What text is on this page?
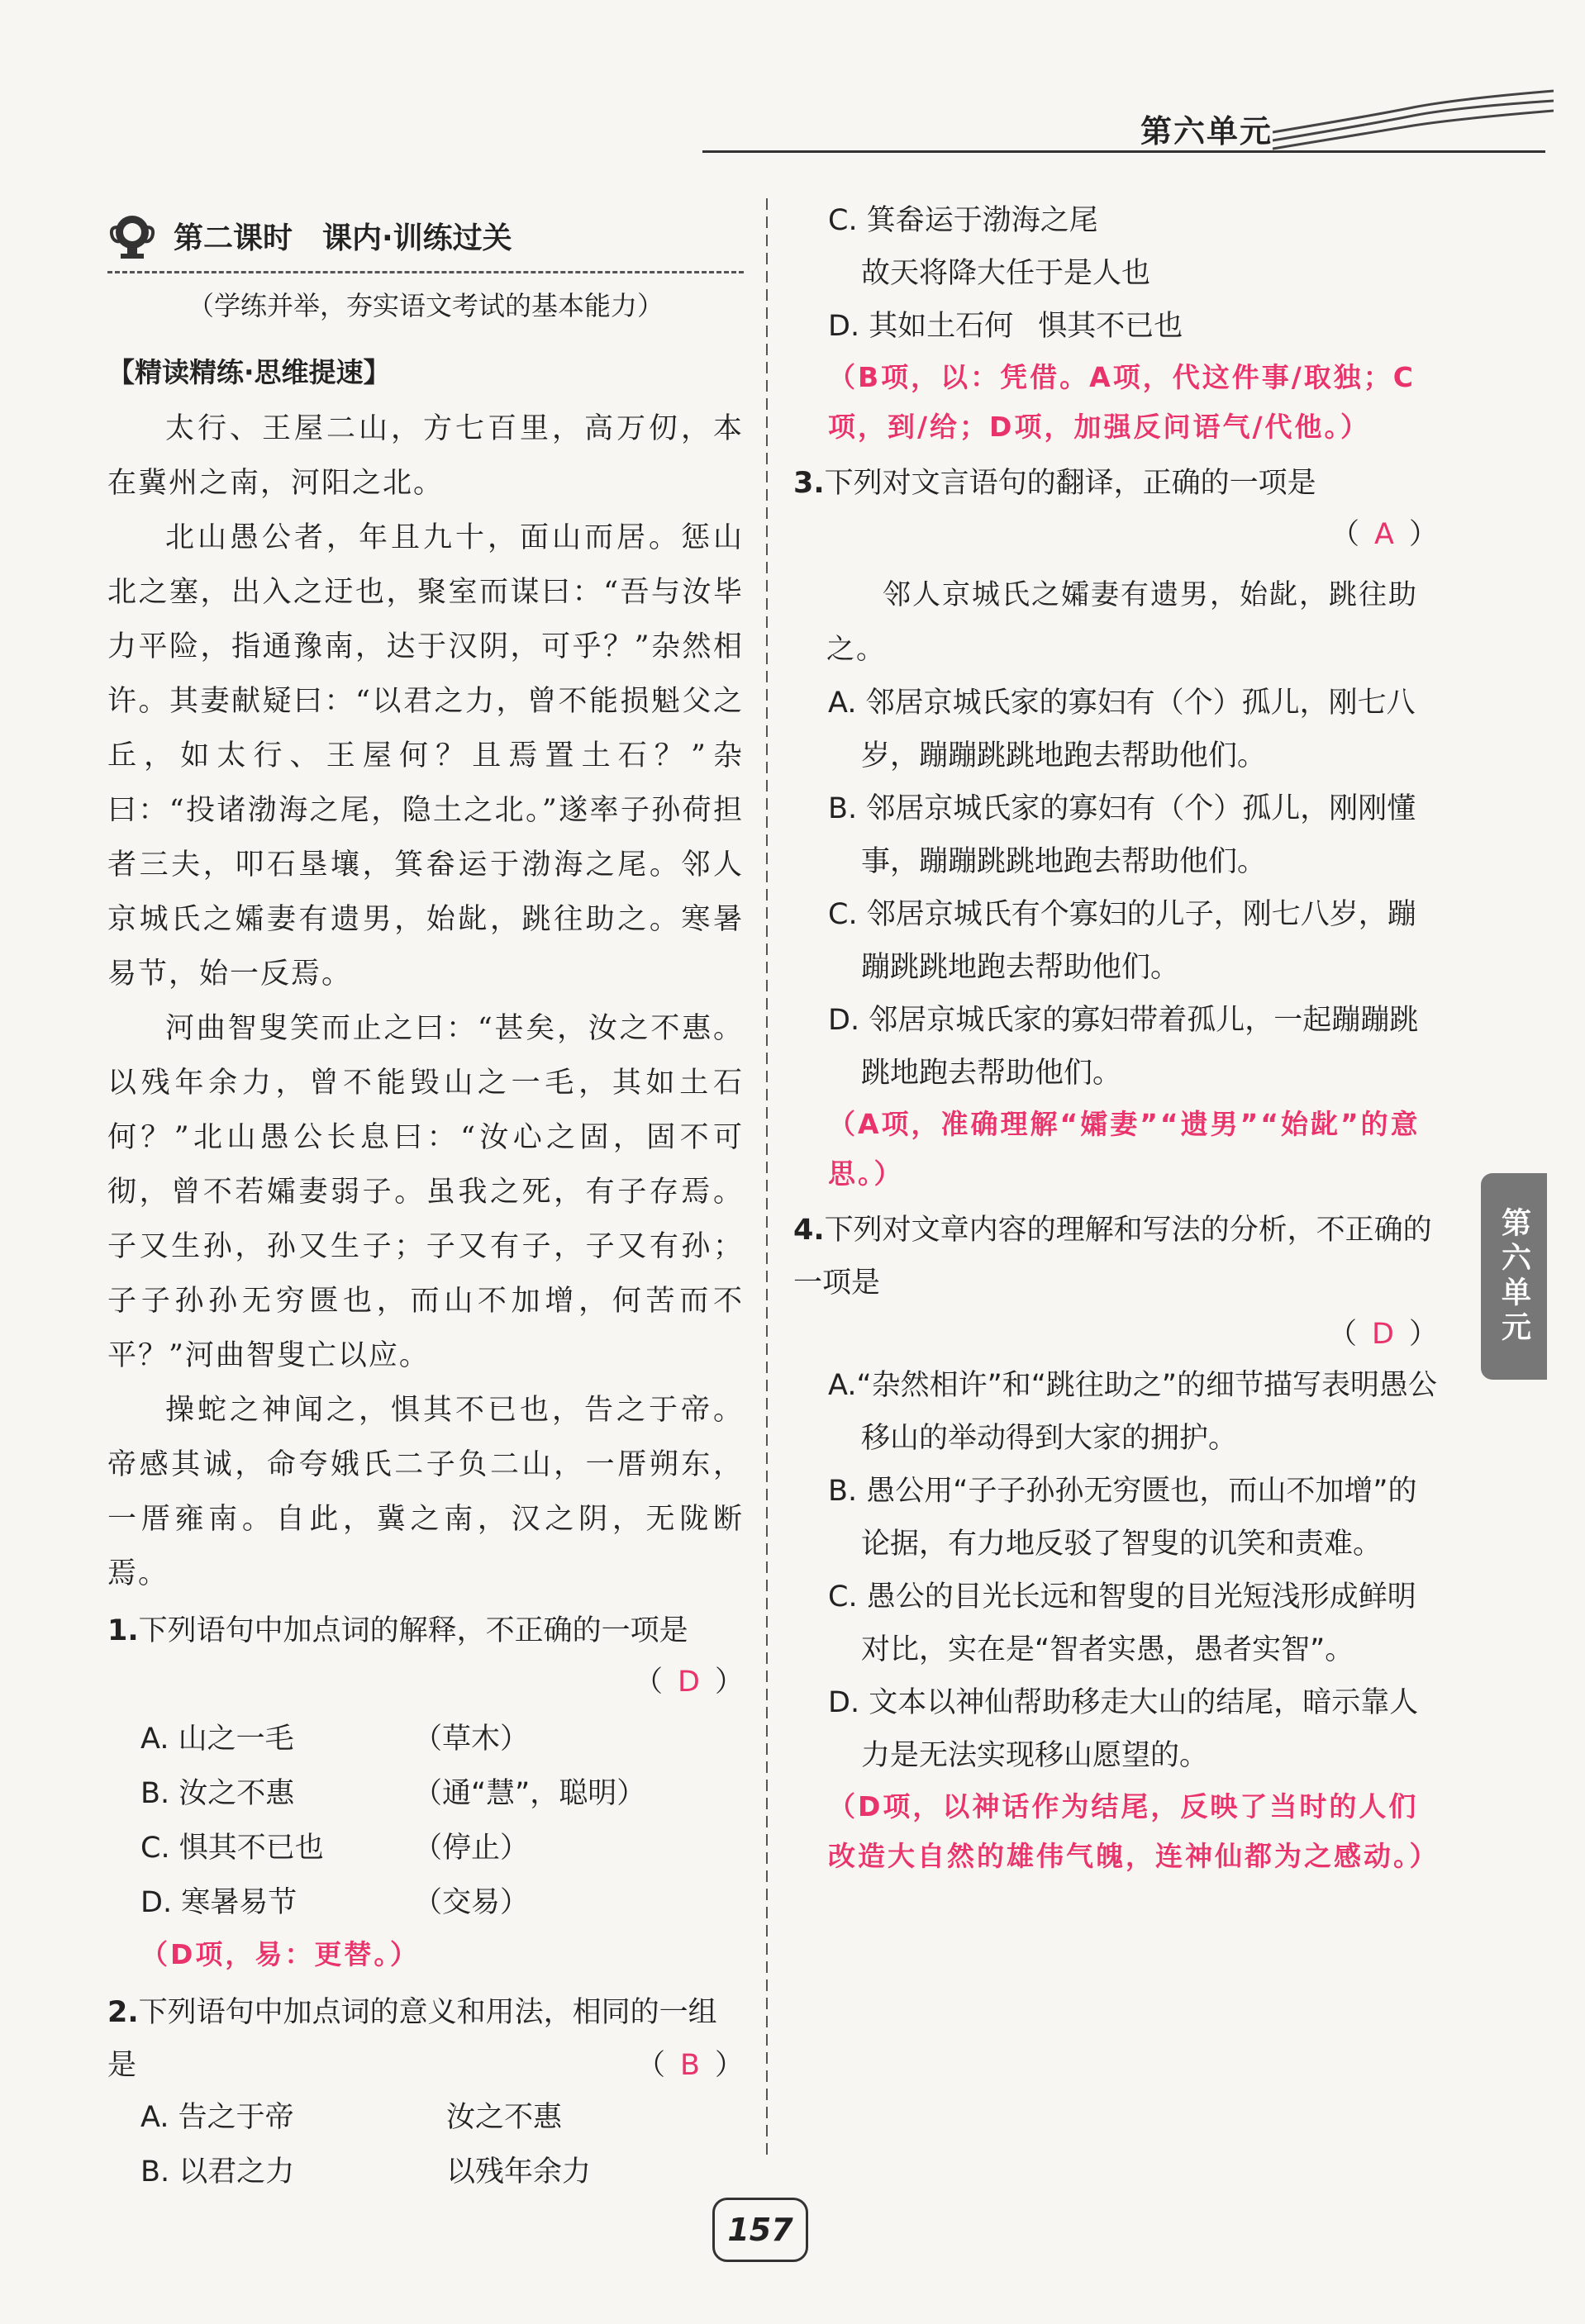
第六单元
第二课时　课内·训练过关
（学练并举，夯实语文考试的基本能力）
【精读精练·思维提速】
太行、王屋二山，方七百里，高万仞，本在冀州之南，河阳之北。
北山愚公者，年且九十，面山而居。惩山北之塞，出入之迂也，聚室而谋曰：“吾与汝毕力平险，指通豫南，达于汉阴，可乎？”杂然相许。其妻献疑曰：“以君之力，曾不能损魁父之丘，如太行、王屋何？且焉置土石？”杂曰：“投诸渤海之尾，隐土之北。”遂率子孙荷担者三夫，叩石垦壤，箕畚运于渤海之尾。邻人京城氏之孀妻有遗男，始龀，跳往助之。寒暑易节，始一反焉。
河曲智叟笑而止之曰：“甚矣，汝之不惠。以残年余力，曾不能毁山之一毛，其如土石何？”北山愚公长息曰：“汝心之固，固不可彻，曾不若孀妻弱子。虽我之死，有子存焉。子又生孙，孙又生子；子又有子，子又有孙；子子孙孙无穷匮也，而山不加增，何苦而不平？”河曲智叟亡以应。
操蛇之神闻之，惧其不已也，告之于帝。帝感其诚，命夸娥氏二子负二山，一厝朔东，一厝雍南。自此，冀之南，汉之阴，无陇断焉。
1.下列语句中加点词的解释，不正确的一项是
（ D ）
A. 山之一毛	（草木）
B. 汝之不惠	（通“慧”，聪明）
C. 惧其不已也	（停止）
D. 寒暑易节	（交易）
（D项，易：更替。）
2.下列语句中加点词的意义和用法，相同的一组是	（ B ）
A. 告之于帝	汝之不惠
B. 以君之力	以残年余力
C. 箕畚运于渤海之尾
故天将降大任于是人也
D. 其如土石何 惧其不已也
（B项，以：凭借。A项，代这件事/取独；C项，到/给；D项，加强反问语气/代他。）
3.下列对文言语句的翻译，正确的一项是
（ A ）
邻人京城氏之孀妻有遗男，始龀，跳往助之。
A. 邻居京城氏家的寡妇有（个）孤儿，刚七八岁，蹦蹦跳跳地跑去帮助他们。
B. 邻居京城氏家的寡妇有（个）孤儿，刚刚懂事，蹦蹦跳跳地跑去帮助他们。
C. 邻居京城氏有个寡妇的儿子，刚七八岁，蹦蹦跳跳地跑去帮助他们。
D. 邻居京城氏家的寡妇带着孤儿，一起蹦蹦跳跳地跑去帮助他们。
（A项，准确理解“孀妻”“遗男”“始龀”的意思。）
4.下列对文章内容的理解和写法的分析，不正确的一项是
（ D ）
A.“杂然相许”和“跳往助之”的细节描写表明愚公移山的举动得到大家的拥护。
B. 愚公用“子子孙孙无穷匮也，而山不加增”的论据，有力地反驳了智叟的讥笑和责难。
C. 愚公的目光长远和智叟的目光短浅形成鲜明对比，实在是“智者实愚，愚者实智”。
D. 文本以神仙帮助移走大山的结尾，暗示靠人力是无法实现移山愿望的。
（D项，以神话作为结尾，反映了当时的人们改造大自然的雄伟气魄，连神仙都为之感动。）
第六单元
157
